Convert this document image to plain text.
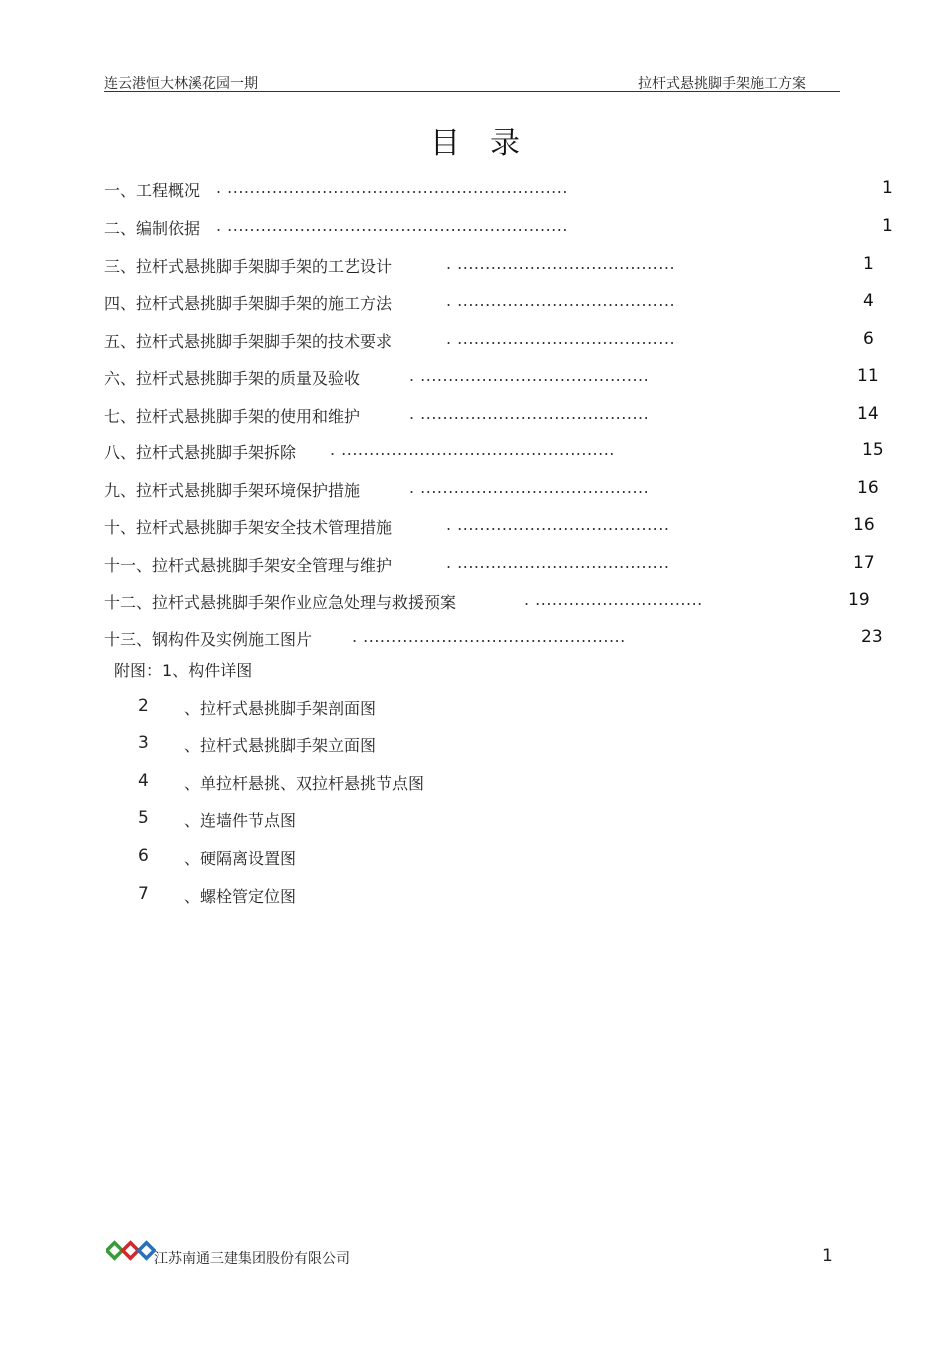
连云港恒大林溪花园一期	拉杆式悬挑脚手架施工方案
目录
一、工程概况 . .............................................................	1
二、编制依据 . .............................................................	1
三、拉杆式悬挑脚手架脚手架的工艺设计	. .......................................	1
四、拉杆式悬挑脚手架脚手架的施工方法	. .......................................	4
五、拉杆式悬挑脚手架脚手架的技术要求	. .......................................	6
六、拉杆式悬挑脚手架的质量及验收	. .........................................	11
七、拉杆式悬挑脚手架的使用和维护	. .........................................	14
八、拉杆式悬挑脚手架拆除 . .................................................	15
九、拉杆式悬挑脚手架环境保护措施	. .........................................	16
十、拉杆式悬挑脚手架安全技术管理措施	. ......................................	16
十一、拉杆式悬挑脚手架安全管理与维护	. ......................................	17
十二、拉杆式悬挑脚手架作业应急处理与救援预案	. ..............................	19
十三、钢构件及实例施工图片 . ...............................................	23
附图：1、构件详图
2 、拉杆式悬挑脚手架剖面图
3 、拉杆式悬挑脚手架立面图
4 、单拉杆悬挑、双拉杆悬挑节点图
5 、连墙件节点图
6 、硬隔离设置图
7 、螺栓管定位图
江苏南通三建集团股份有限公司	1
